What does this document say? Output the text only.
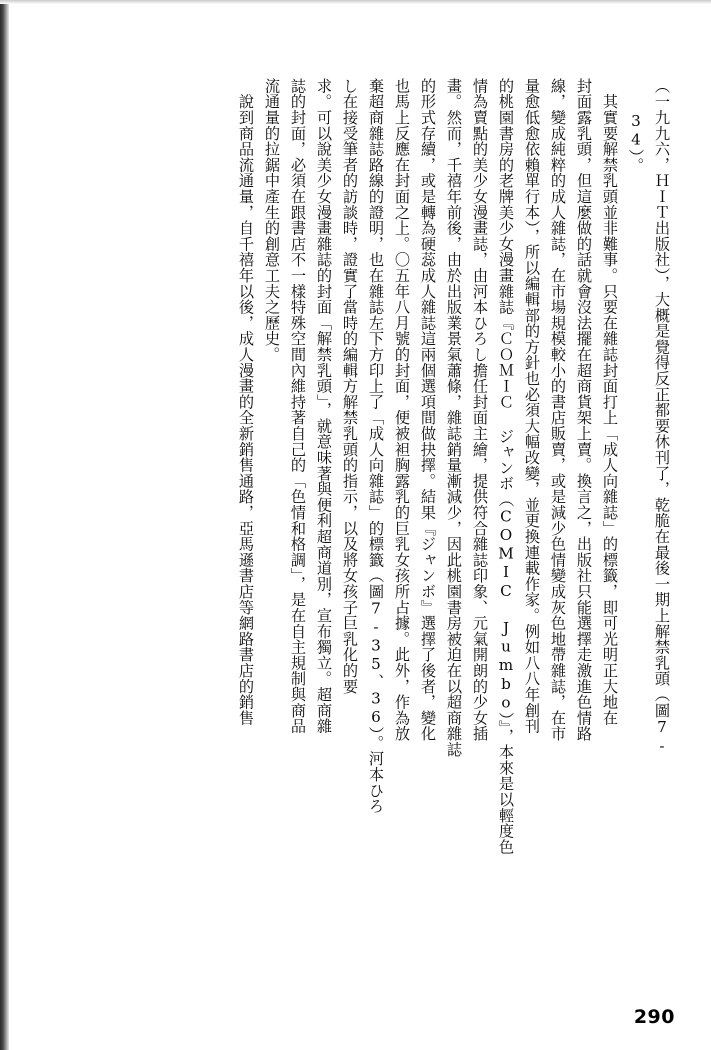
　說到商品流通量，自千禧年以後，成人漫畫的全新銷售通路，亞馬遜書店等網路書店的銷售 流通量的拉鋸中產生的創意工夫之歷史。 誌的封面，必須在跟書店不一樣特殊空間內維持著自己的「色情和格調」，是在自主規制與商品 求。可以說美少女漫畫雜誌的封面「解禁乳頭」，就意味著與便利超商道別，宣布獨立。超商雜 し在接受筆者的訪談時，證實了當時的編輯方解禁乳頭的指示，以及將女孩子巨乳化的要 棄超商雜誌路線的證明，也在雜誌左下方印上了「成人向雜誌」的標籤（圖7-35、36）。河本ひろ 也馬上反應在封面之上。〇五年八月號的封面，便被袒胸露乳的巨乳女孩所占據。此外，作為放 的形式存續，或是轉為硬蕊成人雜誌這兩個選項間做抉擇。結果『ジャンボ』選擇了後者，變化 畫。然而，千禧年前後，由於出版業景氣蕭條，雜誌銷量漸減少，因此桃園書房被迫在以超商雜誌 情為賣點的美少女漫畫誌，由河本ひろし擔任封面主繪，提供符合雜誌印象、元氣開朗的少女插 的桃園書房的老牌美少女漫畫雜誌『ＣＯＭＩＣ ジャンボ（COMIC Jumbo）』，本來是以輕度色 量愈低愈依賴單行本），所以編輯部的方針也必須大幅改變，並更換連載作家。例如八八年創刊 線，變成純粹的成人雜誌，在市場規模較小的書店販賣，或是減少色情變成灰色地帶雜誌，在市 封面露乳頭，但這麼做的話就會沒法擺在超商貨架上賣。換言之，出版社只能選擇走激進色情路 　其實要解禁乳頭並非難事。只要在雜誌封面打上「成人向雜誌」的標籤，即可光明正大地在 34）。 （一九九六，ＨＩＴ出版社），大概是覺得反正都要休刊了，乾脆在最後一期上解禁乳頭（圖7-
290
